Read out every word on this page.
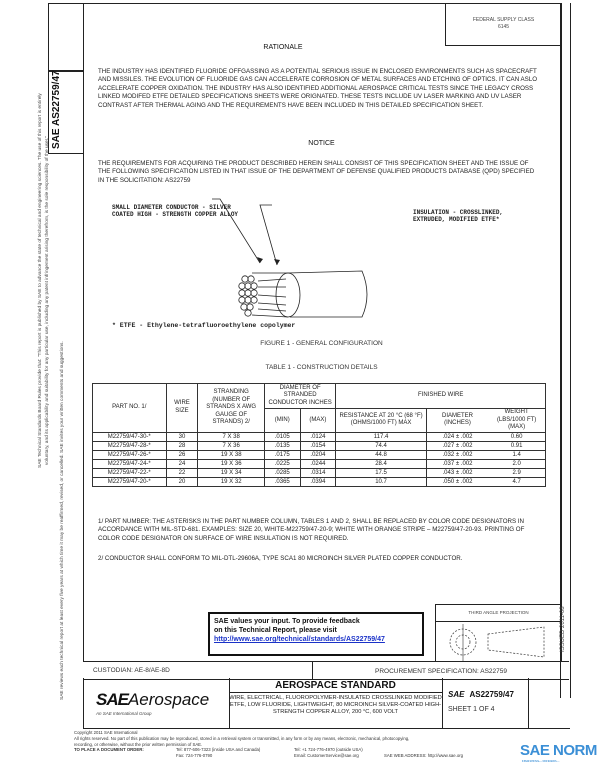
SAE Technical Standards Board Rules provide that: "This report is published by SAE to advance the state of technical and engineering sciences. The use of this report is entirely voluntary, and its applicability and suitability for any particular use, including any patent infringement arising therefrom, is the sole responsibility of the user."
SAE reviews each technical report at least every five years at which time it may be reaffirmed, revised, or cancelled. SAE invites your written comments and suggestions.
SAE AS22759/47
FEDERAL SUPPLY CLASS
6145
RATIONALE
THE INDUSTRY HAS IDENTIFIED FLUORIDE OFFGASSING AS A POTENTIAL SERIOUS ISSUE IN ENCLOSED ENVIRONMENTS SUCH AS SPACECRAFT AND MISSILES. THE EVOLUTION OF FLUORIDE GAS CAN ACCELERATE CORROSION OF METAL SURFACES AND ETCHING OF OPTICS. IT CAN ASLO ACCELERATE COPPER OXIDATION. THE INDUSTRY HAS ALSO IDENTIFIED ADDITIONAL AEROSPACE CRITICAL TESTS SINCE THE LEGACY CROSS LINKED MODIFED ETFE DETAILED SPECIFICATIONS SHEETS WERE ORIGNATED. THESE TESTS INCLUDE UV LASER MARKING AND UV LASER CONTRAST AFTER THERMAL AGING AND THE REQUIREMENTS HAVE BEEN INCLUDED IN THIS DETAILED SPECIFICATION SHEET.
NOTICE
THE REQUIREMENTS FOR ACQUIRING THE PRODUCT DESCRIBED HEREIN SHALL CONSIST OF THIS SPECIFICATION SHEET AND THE ISSUE OF THE FOLLOWING SPECIFICATION LISTED IN THAT ISSUE OF THE DEPARTMENT OF DEFENSE QUALIFIED PRODUCTS DATABASE (QPD) SPECIFIED IN THE SOLICITATION: AS22759
SMALL DIAMETER CONDUCTOR - SILVER
COATED HIGH - STRENGTH COPPER ALLOY	INSULATION - CROSSLINKED,
EXTRUDED, MODIFIED ETFE*
* ETFE - Ethylene-tetrafluoroethylene copolymer
FIGURE 1 - GENERAL CONFIGURATION
TABLE 1 - CONSTRUCTION DETAILS
PART NO. 1/	WIRE SIZE	STRANDING (NUMBER OF STRANDS X AWG GAUGE OF STRANDS) 2/	DIAMETER OF STRANDED CONDUCTOR INCHES		FINISHED WIRE		
			(MIN)	(MAX)	RESISTANCE AT 20 °C (68 °F) (OHMS/1000 FT) MAX	DIAMETER (INCHES)	WEIGHT (LBS/1000 FT) (MAX)
M22759/47-30-*	30	7 X 38	.0105	.0124	117.4	.024 ± .002	0.60
M22759/47-28-*	28	7 X 36	.0135	.0154	74.4	.027 ± .002	0.91
M22759/47-26-*	26	19 X 38	.0175	.0204	44.8	.032 ± .002	1.4
M22759/47-24-*	24	19 X 36	.0225	.0244	28.4	.037 ± .002	2.0
M22759/47-22-*	22	19 X 34	.0285	.0314	17.5	.043 ± .002	2.9
M22759/47-20-*	20	19 X 32	.0365	.0394	10.7	.050 ± .002	4.7
1/ PART NUMBER: THE ASTERISKS IN THE PART NUMBER COLUMN, TABLES 1 AND 2, SHALL BE REPLACED BY COLOR CODE DESIGNATORS IN ACCORDANCE WITH MIL-STD-681. EXAMPLES: SIZE 20, WHITE-M22759/47-20-9; WHITE WITH ORANGE STRIPE – M22759/47-20-93. PRINTING OF COLOR CODE DESIGNATOR ON SURFACE OF WIRE INSULATION IS NOT REQUIRED.
2/ CONDUCTOR SHALL CONFORM TO MIL-DTL-29606A, TYPE SCA1 80 MICROINCH SILVER PLATED COPPER CONDUCTOR.
ISSUED 2011-08
SAE values your input. To provide feedback
on this Technical Report, please visit
http://www.sae.org/technical/standards/AS22759/47
THIRD ANGLE PROJECTION
CUSTODIAN: AE-8/AE-8D	PROCUREMENT SPECIFICATION: AS22759
SAEAerospace
An SAE International Group
AEROSPACE STANDARD
WIRE, ELECTRICAL, FLUOROPOLYMER-INSULATED CROSSLINKED MODIFIED ETFE, LOW FLUORIDE, LIGHTWEIGHT, 80 MICROINCH SILVER-COATED HIGH-STRENGTH COPPER ALLOY, 200 °C, 600 VOLT
SAE AS22759/47
SHEET 1 OF 4
Copyright 2011 SAE International
All rights reserved. No part of this publication may be reproduced, stored in a retrieval system or transmitted, in any form or by any means, electronic, mechanical, photocopying,
recording, or otherwise, without the prior written permission of SAE.
TO PLACE A DOCUMENT ORDER:	Tel: 877-606-7323 (inside USA and Canada)
Fax: 724-776-0790
Tel: +1 724-776-4970 (outside USA)
Email: CustomerService@sae.org	SAE WEB ADDRESS: http://www.sae.org	SAE NORM
INTERNATIONAL — STANDARDS —
